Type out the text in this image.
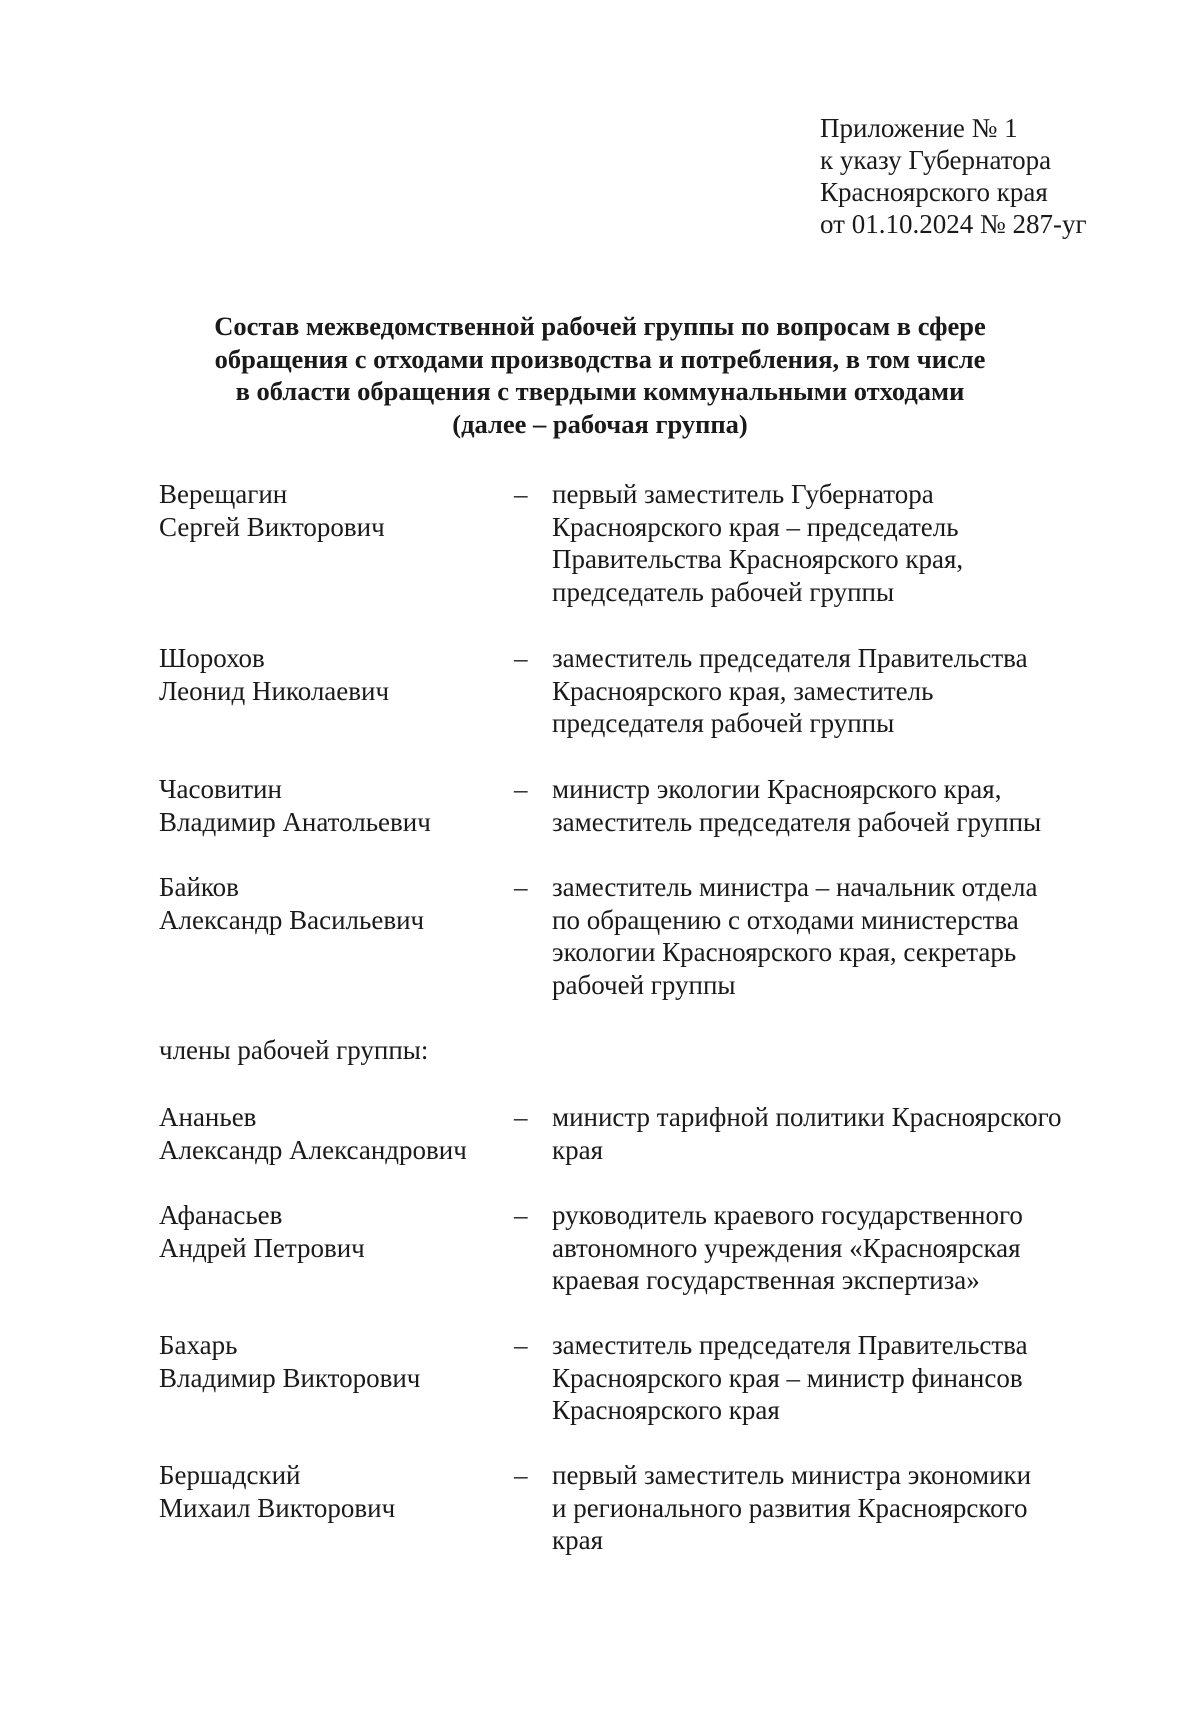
Приложение № 1
к указу Губернатора
Красноярского края
от 01.10.2024 № 287-уг
Состав межведомственной рабочей группы по вопросам в сфере
обращения с отходами производства и потребления, в том числе
в области обращения с твердыми коммунальными отходами
(далее – рабочая группа)
Верещагин
Сергей Викторович
– первый заместитель Губернатора
Красноярского края – председатель
Правительства Красноярского края,
председатель рабочей группы
Шорохов
Леонид Николаевич
– заместитель председателя Правительства
Красноярского края, заместитель
председателя рабочей группы
Часовитин
Владимир Анатольевич
– министр экологии Красноярского края,
заместитель председателя рабочей группы
Байков
Александр Васильевич
– заместитель министра – начальник отдела
по обращению с отходами министерства
экологии Красноярского края, секретарь
рабочей группы
члены рабочей группы:
Ананьев
Александр Александрович
– министр тарифной политики Красноярского
края
Афанасьев
Андрей Петрович
– руководитель краевого государственного
автономного учреждения «Красноярская
краевая государственная экспертиза»
Бахарь
Владимир Викторович
– заместитель председателя Правительства
Красноярского края – министр финансов
Красноярского края
Бершадский
Михаил Викторович
– первый заместитель министра экономики
и регионального развития Красноярского
края
